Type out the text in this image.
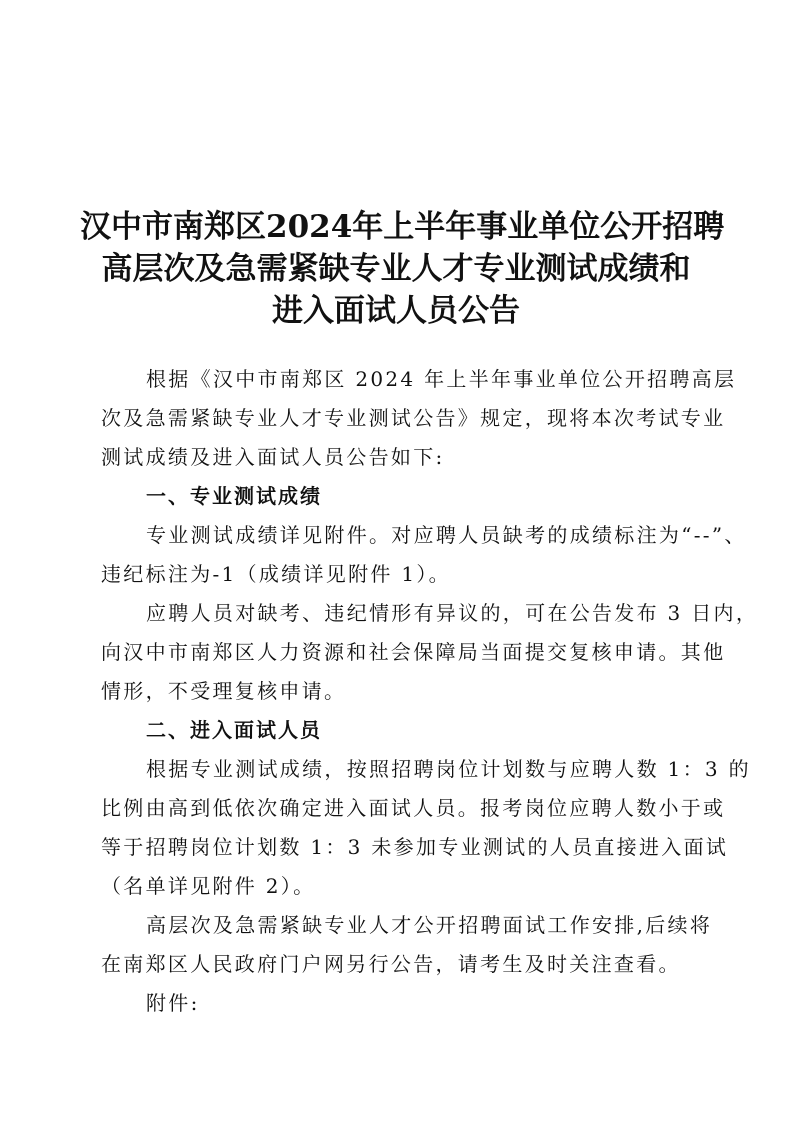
汉中市南郑区2024年上半年事业单位公开招聘
高层次及急需紧缺专业人才专业测试成绩和
进入面试人员公告
根据《汉中市南郑区 2024 年上半年事业单位公开招聘高层
次及急需紧缺专业人才专业测试公告》规定，现将本次考试专业
测试成绩及进入面试人员公告如下:
一、专业测试成绩
专业测试成绩详见附件。对应聘人员缺考的成绩标注为“--”、
违纪标注为-1（成绩详见附件 1）。
应聘人员对缺考、违纪情形有异议的，可在公告发布 3 日内，
向汉中市南郑区人力资源和社会保障局当面提交复核申请。其他
情形，不受理复核申请。
二、进入面试人员
根据专业测试成绩，按照招聘岗位计划数与应聘人数 1：3 的
比例由高到低依次确定进入面试人员。报考岗位应聘人数小于或
等于招聘岗位计划数 1：3 未参加专业测试的人员直接进入面试
（名单详见附件 2）。
高层次及急需紧缺专业人才公开招聘面试工作安排,后续将
在南郑区人民政府门户网另行公告，请考生及时关注查看。
附件:
